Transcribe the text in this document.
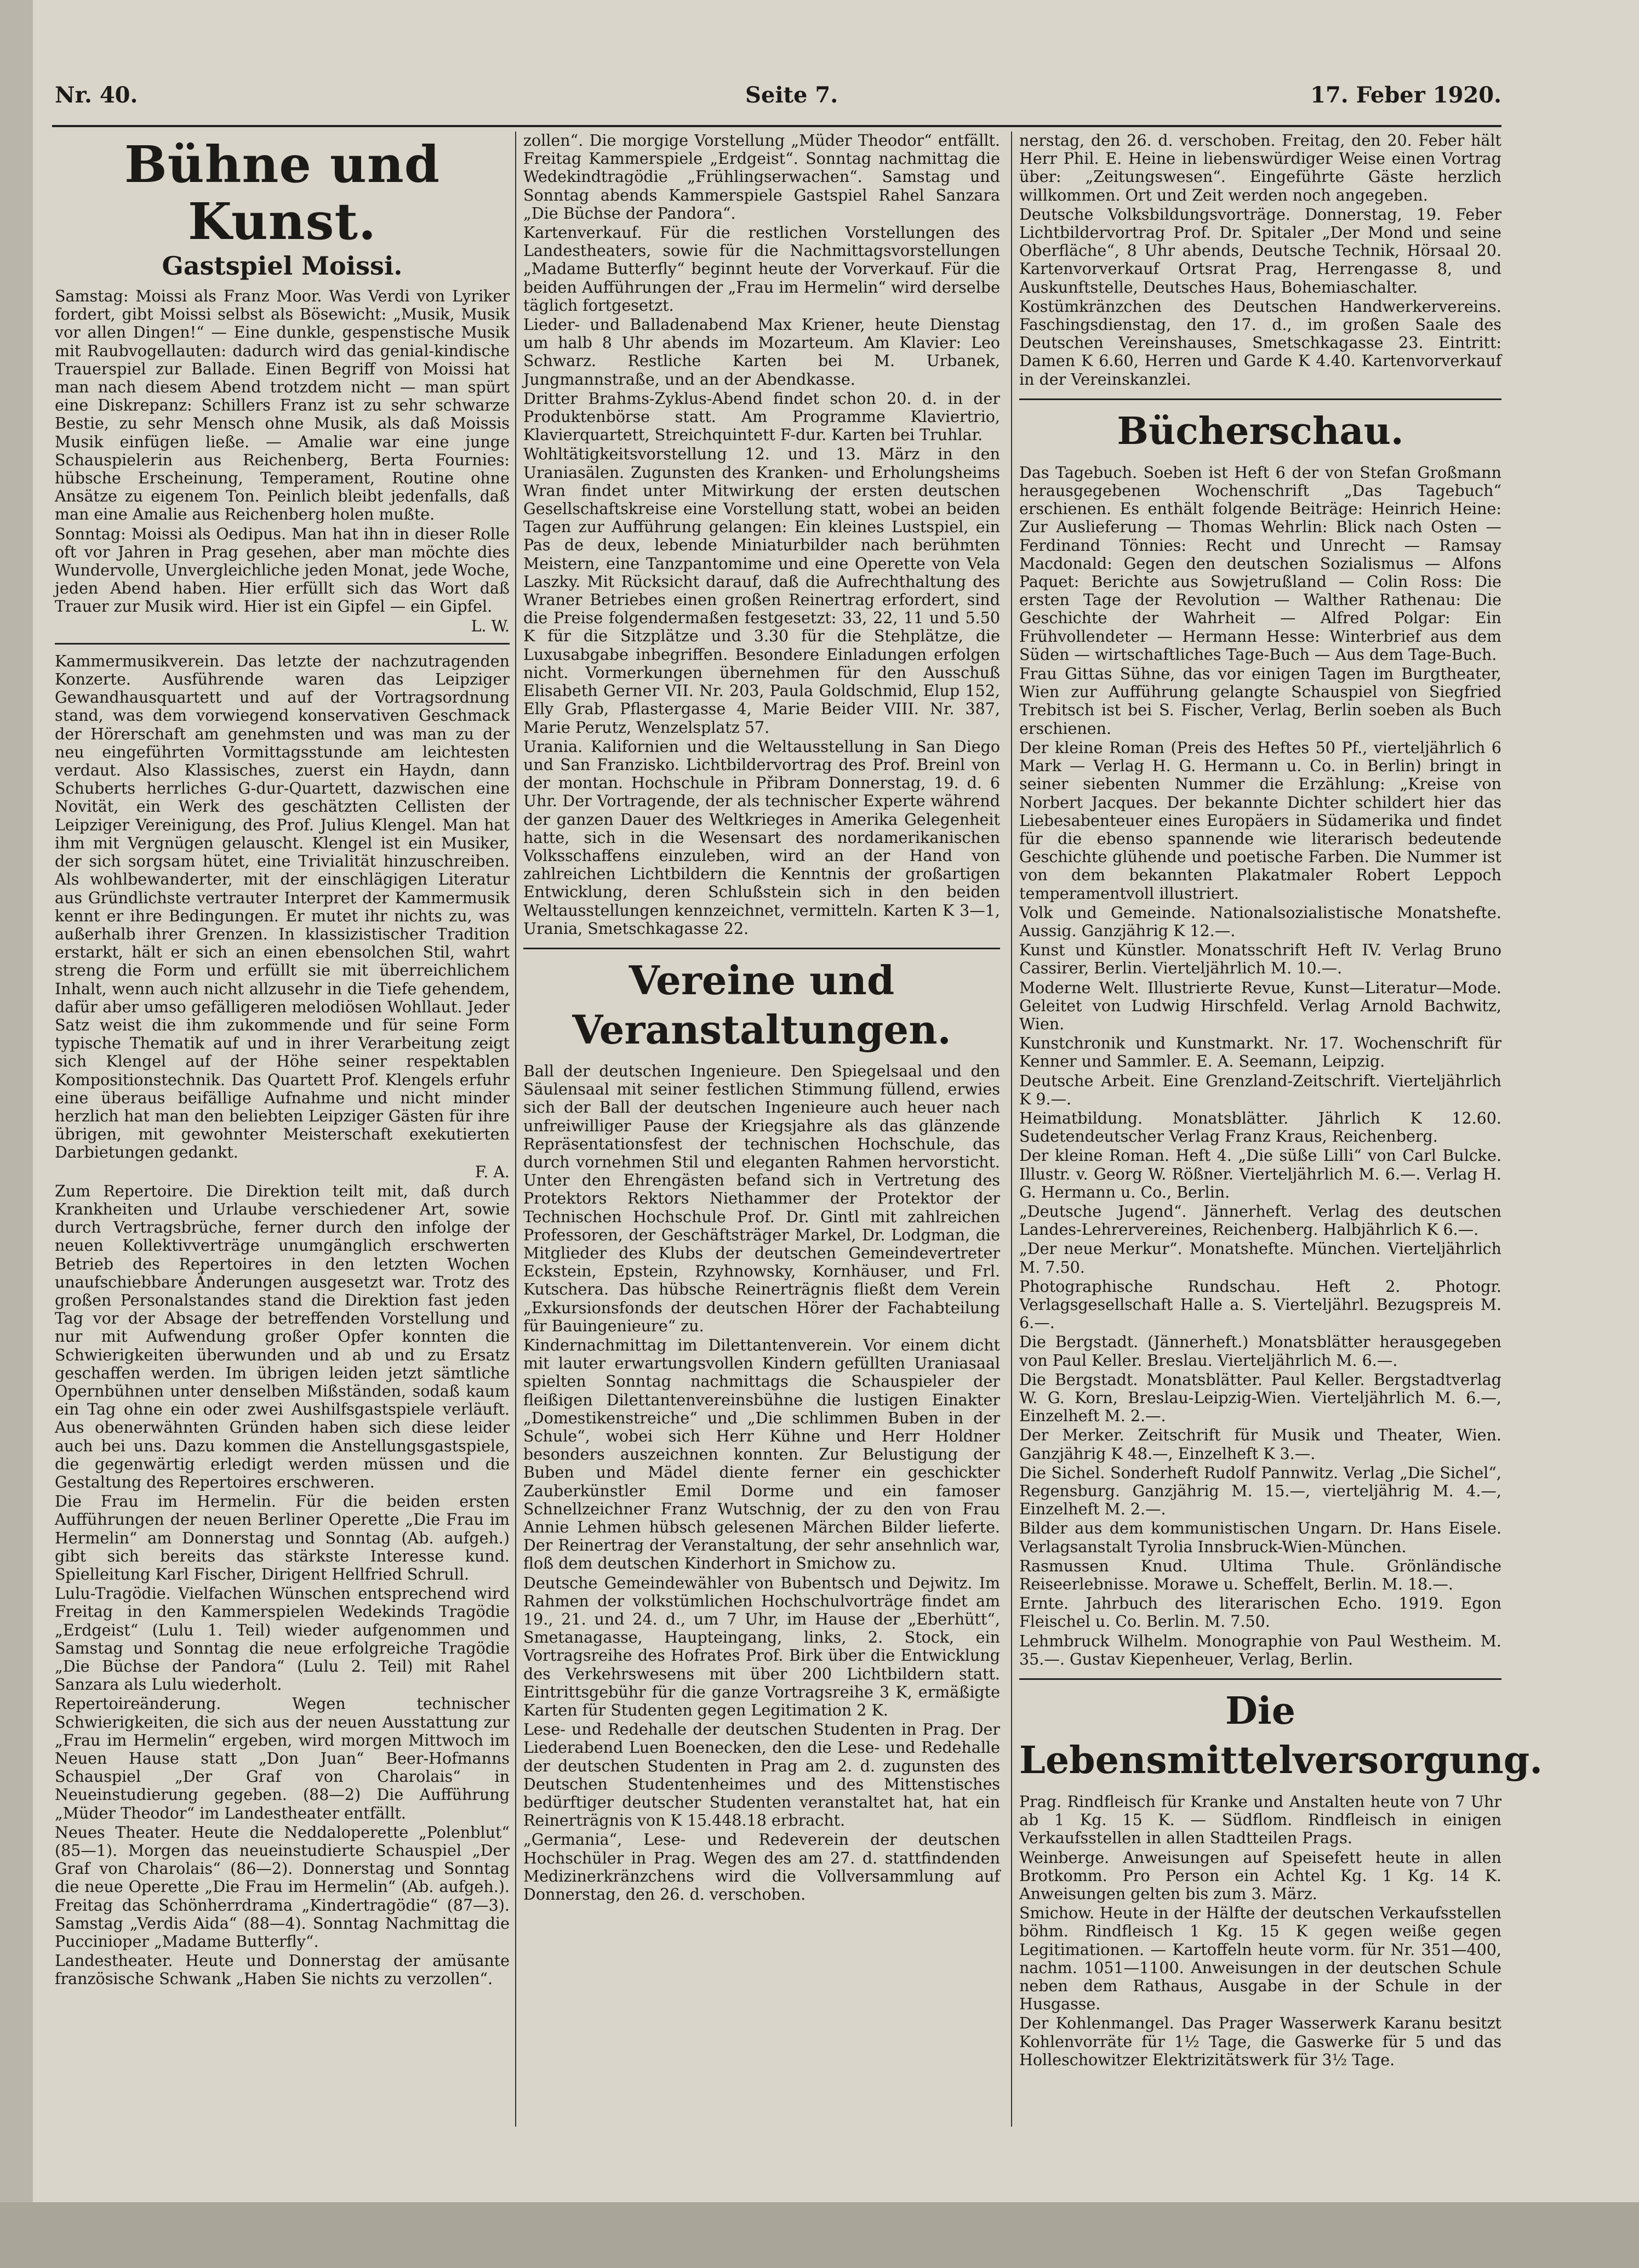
Nr. 40.	Seite 7.	17. Feber 1920.
Bühne und Kunst.
Gastspiel Moissi.

Samstag: Moissi als Franz Moor. Was Verdi von Lyriker fordert, gibt Moissi selbst als Bösewicht: „Musik, Musik vor allen Dingen!“ — Eine dunkle, gespenstische Musik mit Raubvogellauten: dadurch wird das genial-kindische Trauerspiel zur Ballade. Einen Begriff von Moissi hat man nach diesem Abend trotzdem nicht — man spürt eine Diskrepanz: Schillers Franz ist zu sehr schwarze Bestie, zu sehr Mensch ohne Musik, als daß Moissis Musik einfügen ließe. — Amalie war eine junge Schauspielerin aus Reichenberg, Berta Fournies: hübsche Erscheinung, Temperament, Routine ohne Ansätze zu eigenem Ton. Peinlich bleibt jedenfalls, daß man eine Amalie aus Reichenberg holen mußte.

Sonntag: Moissi als Oedipus. Man hat ihn in dieser Rolle oft vor Jahren in Prag gesehen, aber man möchte dies Wundervolle, Unvergleichliche jeden Monat, jede Woche, jeden Abend haben. Hier erfüllt sich das Wort daß Trauer zur Musik wird. Hier ist ein Gipfel — ein Gipfel.

L. W.

Kammermusikverein. Das letzte der nachzutragenden Konzerte. Ausführende waren das Leipziger Gewandhausquartett und auf der Vortragsordnung stand, was dem vorwiegend konservativen Geschmack der Hörerschaft am genehmsten und was man zu der neu eingeführten Vormittagsstunde am leichtesten verdaut. Also Klassisches, zuerst ein Haydn, dann Schuberts herrliches G-dur-Quartett, dazwischen eine Novität, ein Werk des geschätzten Cellisten der Leipziger Vereinigung, des Prof. Julius Klengel. Man hat ihm mit Vergnügen gelauscht. Klengel ist ein Musiker, der sich sorgsam hütet, eine Trivialität hinzuschreiben. Als wohlbewanderter, mit der einschlägigen Literatur aus Gründlichste vertrauter Interpret der Kammermusik kennt er ihre Bedingungen. Er mutet ihr nichts zu, was außerhalb ihrer Grenzen. In klassizistischer Tradition erstarkt, hält er sich an einen ebensolchen Stil, wahrt streng die Form und erfüllt sie mit überreichlichem Inhalt, wenn auch nicht allzusehr in die Tiefe gehendem, dafür aber umso gefälligeren melodiösen Wohllaut. Jeder Satz weist die ihm zukommende und für seine Form typische Thematik auf und in ihrer Verarbeitung zeigt sich Klengel auf der Höhe seiner respektablen Kompositionstechnik. Das Quartett Prof. Klengels erfuhr eine überaus beifällige Aufnahme und nicht minder herzlich hat man den beliebten Leipziger Gästen für ihre übrigen, mit gewohnter Meisterschaft exekutierten Darbietungen gedankt.

F. A.

Zum Repertoire. Die Direktion teilt mit, daß durch Krankheiten und Urlaube verschiedener Art, sowie durch Vertragsbrüche, ferner durch den infolge der neuen Kollektivverträge unumgänglich erschwerten Betrieb des Repertoires in den letzten Wochen unaufschiebbare Änderungen ausgesetzt war. Trotz des großen Personalstandes stand die Direktion fast jeden Tag vor der Absage der betreffenden Vorstellung und nur mit Aufwendung großer Opfer konnten die Schwierigkeiten überwunden und ab und zu Ersatz geschaffen werden. Im übrigen leiden jetzt sämtliche Opernbühnen unter denselben Mißständen, sodaß kaum ein Tag ohne ein oder zwei Aushilfsgastspiele verläuft. Aus obenerwähnten Gründen haben sich diese leider auch bei uns. Dazu kommen die Anstellungsgastspiele, die gegenwärtig erledigt werden müssen und die Gestaltung des Repertoires erschweren.

Die Frau im Hermelin. Für die beiden ersten Aufführungen der neuen Berliner Operette „Die Frau im Hermelin“ am Donnerstag und Sonntag (Ab. aufgeh.) gibt sich bereits das stärkste Interesse kund. Spielleitung Karl Fischer, Dirigent Hellfried Schrull.

Lulu-Tragödie. Vielfachen Wünschen entsprechend wird Freitag in den Kammerspielen Wedekinds Tragödie „Erdgeist“ (Lulu 1. Teil) wieder aufgenommen und Samstag und Sonntag die neue erfolgreiche Tragödie „Die Büchse der Pandora“ (Lulu 2. Teil) mit Rahel Sanzara als Lulu wiederholt.

Repertoireänderung. Wegen technischer Schwierigkeiten, die sich aus der neuen Ausstattung zur „Frau im Hermelin“ ergeben, wird morgen Mittwoch im Neuen Hause statt „Don Juan“ Beer-Hofmanns Schauspiel „Der Graf von Charolais“ in Neueinstudierung gegeben. (88—2) Die Aufführung „Müder Theodor“ im Landestheater entfällt.

Neues Theater. Heute die Neddaloperette „Polenblut“ (85—1). Morgen das neueinstudierte Schauspiel „Der Graf von Charolais“ (86—2). Donnerstag und Sonntag die neue Operette „Die Frau im Hermelin“ (Ab. aufgeh.). Freitag das Schönherrdrama „Kindertragödie“ (87—3). Samstag „Verdis Aida“ (88—4). Sonntag Nachmittag die Puccinioper „Madame Butterfly“.

Landestheater. Heute und Donnerstag der amüsante französische Schwank „Haben Sie nichts zu verzollen“.

zollen“. Die morgige Vorstellung „Müder Theodor“ entfällt. Freitag Kammerspiele „Erdgeist“. Sonntag nachmittag die Wedekindtragödie „Frühlingserwachen“. Samstag und Sonntag abends Kammerspiele Gastspiel Rahel Sanzara „Die Büchse der Pandora“.

Kartenverkauf. Für die restlichen Vorstellungen des Landestheaters, sowie für die Nachmittagsvorstellungen „Madame Butterfly“ beginnt heute der Vorverkauf. Für die beiden Aufführungen der „Frau im Hermelin“ wird derselbe täglich fortgesetzt.

Lieder- und Balladenabend Max Kriener, heute Dienstag um halb 8 Uhr abends im Mozarteum. Am Klavier: Leo Schwarz. Restliche Karten bei M. Urbanek, Jungmannstraße, und an der Abendkasse.

Dritter Brahms-Zyklus-Abend findet schon 20. d. in der Produktenbörse statt. Am Programme Klaviertrio, Klavierquartett, Streichquintett F-dur. Karten bei Truhlar.

Wohltätigkeitsvorstellung 12. und 13. März in den Uraniasälen. Zugunsten des Kranken- und Erholungsheims Wran findet unter Mitwirkung der ersten deutschen Gesellschaftskreise eine Vorstellung statt, wobei an beiden Tagen zur Aufführung gelangen: Ein kleines Lustspiel, ein Pas de deux, lebende Miniaturbilder nach berühmten Meistern, eine Tanzpantomime und eine Operette von Vela Laszky. Mit Rücksicht darauf, daß die Aufrechthaltung des Wraner Betriebes einen großen Reinertrag erfordert, sind die Preise folgendermaßen festgesetzt: 33, 22, 11 und 5.50 K für die Sitzplätze und 3.30 für die Stehplätze, die Luxusabgabe inbegriffen. Besondere Einladungen erfolgen nicht. Vormerkungen übernehmen für den Ausschuß Elisabeth Gerner VII. Nr. 203, Paula Goldschmid, Elup 152, Elly Grab, Pflastergasse 4, Marie Beider VIII. Nr. 387, Marie Perutz, Wenzelsplatz 57.

Urania. Kalifornien und die Weltausstellung in San Diego und San Franzisko. Lichtbildervortrag des Prof. Breinl von der montan. Hochschule in Přibram Donnerstag, 19. d. 6 Uhr. Der Vortragende, der als technischer Experte während der ganzen Dauer des Weltkrieges in Amerika Gelegenheit hatte, sich in die Wesensart des nordamerikanischen Volksschaffens einzuleben, wird an der Hand von zahlreichen Lichtbildern die Kenntnis der großartigen Entwicklung, deren Schlußstein sich in den beiden Weltausstellungen kennzeichnet, vermitteln. Karten K 3—1, Urania, Smetschkagasse 22.

Vereine und Veranstaltungen.

Ball der deutschen Ingenieure. Den Spiegelsaal und den Säulensaal mit seiner festlichen Stimmung füllend, erwies sich der Ball der deutschen Ingenieure auch heuer nach unfreiwilliger Pause der Kriegsjahre als das glänzende Repräsentationsfest der technischen Hochschule, das durch vornehmen Stil und eleganten Rahmen hervorsticht. Unter den Ehrengästen befand sich in Vertretung des Protektors Rektors Niethammer der Protektor der Technischen Hochschule Prof. Dr. Gintl mit zahlreichen Professoren, der Geschäftsträger Markel, Dr. Lodgman, die Mitglieder des Klubs der deutschen Gemeindevertreter Eckstein, Epstein, Rzyhnowsky, Kornhäuser, und Frl. Kutschera. Das hübsche Reinerträgnis fließt dem Verein „Exkursionsfonds der deutschen Hörer der Fachabteilung für Bauingenieure“ zu.

Kindernachmittag im Dilettantenverein. Vor einem dicht mit lauter erwartungsvollen Kindern gefüllten Uraniasaal spielten Sonntag nachmittags die Schauspieler der fleißigen Dilettantenvereinsbühne die lustigen Einakter „Domestikenstreiche“ und „Die schlimmen Buben in der Schule“, wobei sich Herr Kühne und Herr Holdner besonders auszeichnen konnten. Zur Belustigung der Buben und Mädel diente ferner ein geschickter Zauberkünstler Emil Dorme und ein famoser Schnellzeichner Franz Wutschnig, der zu den von Frau Annie Lehmen hübsch gelesenen Märchen Bilder lieferte. Der Reinertrag der Veranstaltung, der sehr ansehnlich war, floß dem deutschen Kinderhort in Smichow zu.

Deutsche Gemeindewähler von Bubentsch und Dejwitz. Im Rahmen der volkstümlichen Hochschulvorträge findet am 19., 21. und 24. d., um 7 Uhr, im Hause der „Eberhütt“, Smetanagasse, Haupteingang, links, 2. Stock, ein Vortragsreihe des Hofrates Prof. Birk über die Entwicklung des Verkehrswesens mit über 200 Lichtbildern statt. Eintrittsgebühr für die ganze Vortragsreihe 3 K, ermäßigte Karten für Studenten gegen Legitimation 2 K.

Lese- und Redehalle der deutschen Studenten in Prag. Der Liederabend Luen Boenecken, den die Lese- und Redehalle der deutschen Studenten in Prag am 2. d. zugunsten des Deutschen Studentenheimes und des Mittenstisches bedürftiger deutscher Studenten veranstaltet hat, hat ein Reinerträgnis von K 15.448.18 erbracht.

„Germania“, Lese- und Redeverein der deutschen Hochschüler in Prag. Wegen des am 27. d. stattfindenden Medizinerkränzchens wird die Vollversammlung auf Donnerstag, den 26. d. verschoben.

nerstag, den 26. d. verschoben. Freitag, den 20. Feber hält Herr Phil. E. Heine in liebenswürdiger Weise einen Vortrag über: „Zeitungswesen“. Eingeführte Gäste herzlich willkommen. Ort und Zeit werden noch angegeben.

Deutsche Volksbildungsvorträge. Donnerstag, 19. Feber Lichtbildervortrag Prof. Dr. Spitaler „Der Mond und seine Oberfläche“, 8 Uhr abends, Deutsche Technik, Hörsaal 20. Kartenvorverkauf Ortsrat Prag, Herrengasse 8, und Auskunftstelle, Deutsches Haus, Bohemiaschalter.

Kostümkränzchen des Deutschen Handwerkervereins. Faschingsdienstag, den 17. d., im großen Saale des Deutschen Vereinshauses, Smetschkagasse 23. Eintritt: Damen K 6.60, Herren und Garde K 4.40. Kartenvorverkauf in der Vereinskanzlei.

Bücherschau.

Das Tagebuch. Soeben ist Heft 6 der von Stefan Großmann herausgegebenen Wochenschrift „Das Tagebuch“ erschienen. Es enthält folgende Beiträge: Heinrich Heine: Zur Auslieferung — Thomas Wehrlin: Blick nach Osten — Ferdinand Tönnies: Recht und Unrecht — Ramsay Macdonald: Gegen den deutschen Sozialismus — Alfons Paquet: Berichte aus Sowjetrußland — Colin Ross: Die ersten Tage der Revolution — Walther Rathenau: Die Geschichte der Wahrheit — Alfred Polgar: Ein Frühvollendeter — Hermann Hesse: Winterbrief aus dem Süden — wirtschaftliches Tage-Buch — Aus dem Tage-Buch.

Frau Gittas Sühne, das vor einigen Tagen im Burgtheater, Wien zur Aufführung gelangte Schauspiel von Siegfried Trebitsch ist bei S. Fischer, Verlag, Berlin soeben als Buch erschienen.

Der kleine Roman (Preis des Heftes 50 Pf., vierteljährlich 6 Mark — Verlag H. G. Hermann u. Co. in Berlin) bringt in seiner siebenten Nummer die Erzählung: „Kreise von Norbert Jacques. Der bekannte Dichter schildert hier das Liebesabenteuer eines Europäers in Südamerika und findet für die ebenso spannende wie literarisch bedeutende Geschichte glühende und poetische Farben. Die Nummer ist von dem bekannten Plakatmaler Robert Leppoch temperamentvoll illustriert.

Volk und Gemeinde. Nationalsozialistische Monatshefte. Aussig. Ganzjährig K 12.—.

Kunst und Künstler. Monatsschrift Heft IV. Verlag Bruno Cassirer, Berlin. Vierteljährlich M. 10.—.

Moderne Welt. Illustrierte Revue, Kunst—Literatur—Mode. Geleitet von Ludwig Hirschfeld. Verlag Arnold Bachwitz, Wien.

Kunstchronik und Kunstmarkt. Nr. 17. Wochenschrift für Kenner und Sammler. E. A. Seemann, Leipzig.

Deutsche Arbeit. Eine Grenzland-Zeitschrift. Vierteljährlich K 9.—.

Heimatbildung. Monatsblätter. Jährlich K 12.60. Sudetendeutscher Verlag Franz Kraus, Reichenberg.

Der kleine Roman. Heft 4. „Die süße Lilli“ von Carl Bulcke. Illustr. v. Georg W. Rößner. Vierteljährlich M. 6.—. Verlag H. G. Hermann u. Co., Berlin.

„Deutsche Jugend“. Jännerheft. Verlag des deutschen Landes-Lehrervereines, Reichenberg. Halbjährlich K 6.—.

„Der neue Merkur“. Monatshefte. München. Vierteljährlich M. 7.50.

Photographische Rundschau. Heft 2. Photogr. Verlagsgesellschaft Halle a. S. Vierteljährl. Bezugspreis M. 6.—.

Die Bergstadt. (Jännerheft.) Monatsblätter herausgegeben von Paul Keller. Breslau. Vierteljährlich M. 6.—.

Die Bergstadt. Monatsblätter. Paul Keller. Bergstadtverlag W. G. Korn, Breslau-Leipzig-Wien. Vierteljährlich M. 6.—, Einzelheft M. 2.—.

Der Merker. Zeitschrift für Musik und Theater, Wien. Ganzjährig K 48.—, Einzelheft K 3.—.

Die Sichel. Sonderheft Rudolf Pannwitz. Verlag „Die Sichel“, Regensburg. Ganzjährig M. 15.—, vierteljährig M. 4.—, Einzelheft M. 2.—.

Bilder aus dem kommunistischen Ungarn. Dr. Hans Eisele. Verlagsanstalt Tyrolia Innsbruck-Wien-München.

Rasmussen Knud. Ultima Thule. Grönländische Reiseerlebnisse. Morawe u. Scheffelt, Berlin. M. 18.—.

Ernte. Jahrbuch des literarischen Echo. 1919. Egon Fleischel u. Co. Berlin. M. 7.50.

Lehmbruck Wilhelm. Monographie von Paul Westheim. M. 35.—. Gustav Kiepenheuer, Verlag, Berlin.

Die Lebensmittelversorgung.

Prag. Rindfleisch für Kranke und Anstalten heute von 7 Uhr ab 1 Kg. 15 K. — Südflom. Rindfleisch in einigen Verkaufsstellen in allen Stadtteilen Prags.

Weinberge. Anweisungen auf Speisefett heute in allen Brotkomm. Pro Person ein Achtel Kg. 1 Kg. 14 K. Anweisungen gelten bis zum 3. März.

Smichow. Heute in der Hälfte der deutschen Verkaufsstellen böhm. Rindfleisch 1 Kg. 15 K gegen weiße gegen Legitimationen. — Kartoffeln heute vorm. für Nr. 351—400, nachm. 1051—1100. Anweisungen in der deutschen Schule neben dem Rathaus, Ausgabe in der Schule in der Husgasse.

Der Kohlenmangel. Das Prager Wasserwerk Karanu besitzt Kohlenvorräte für 1½ Tage, die Gaswerke für 5 und das Holleschowitzer Elektrizitätswerk für 3½ Tage.
